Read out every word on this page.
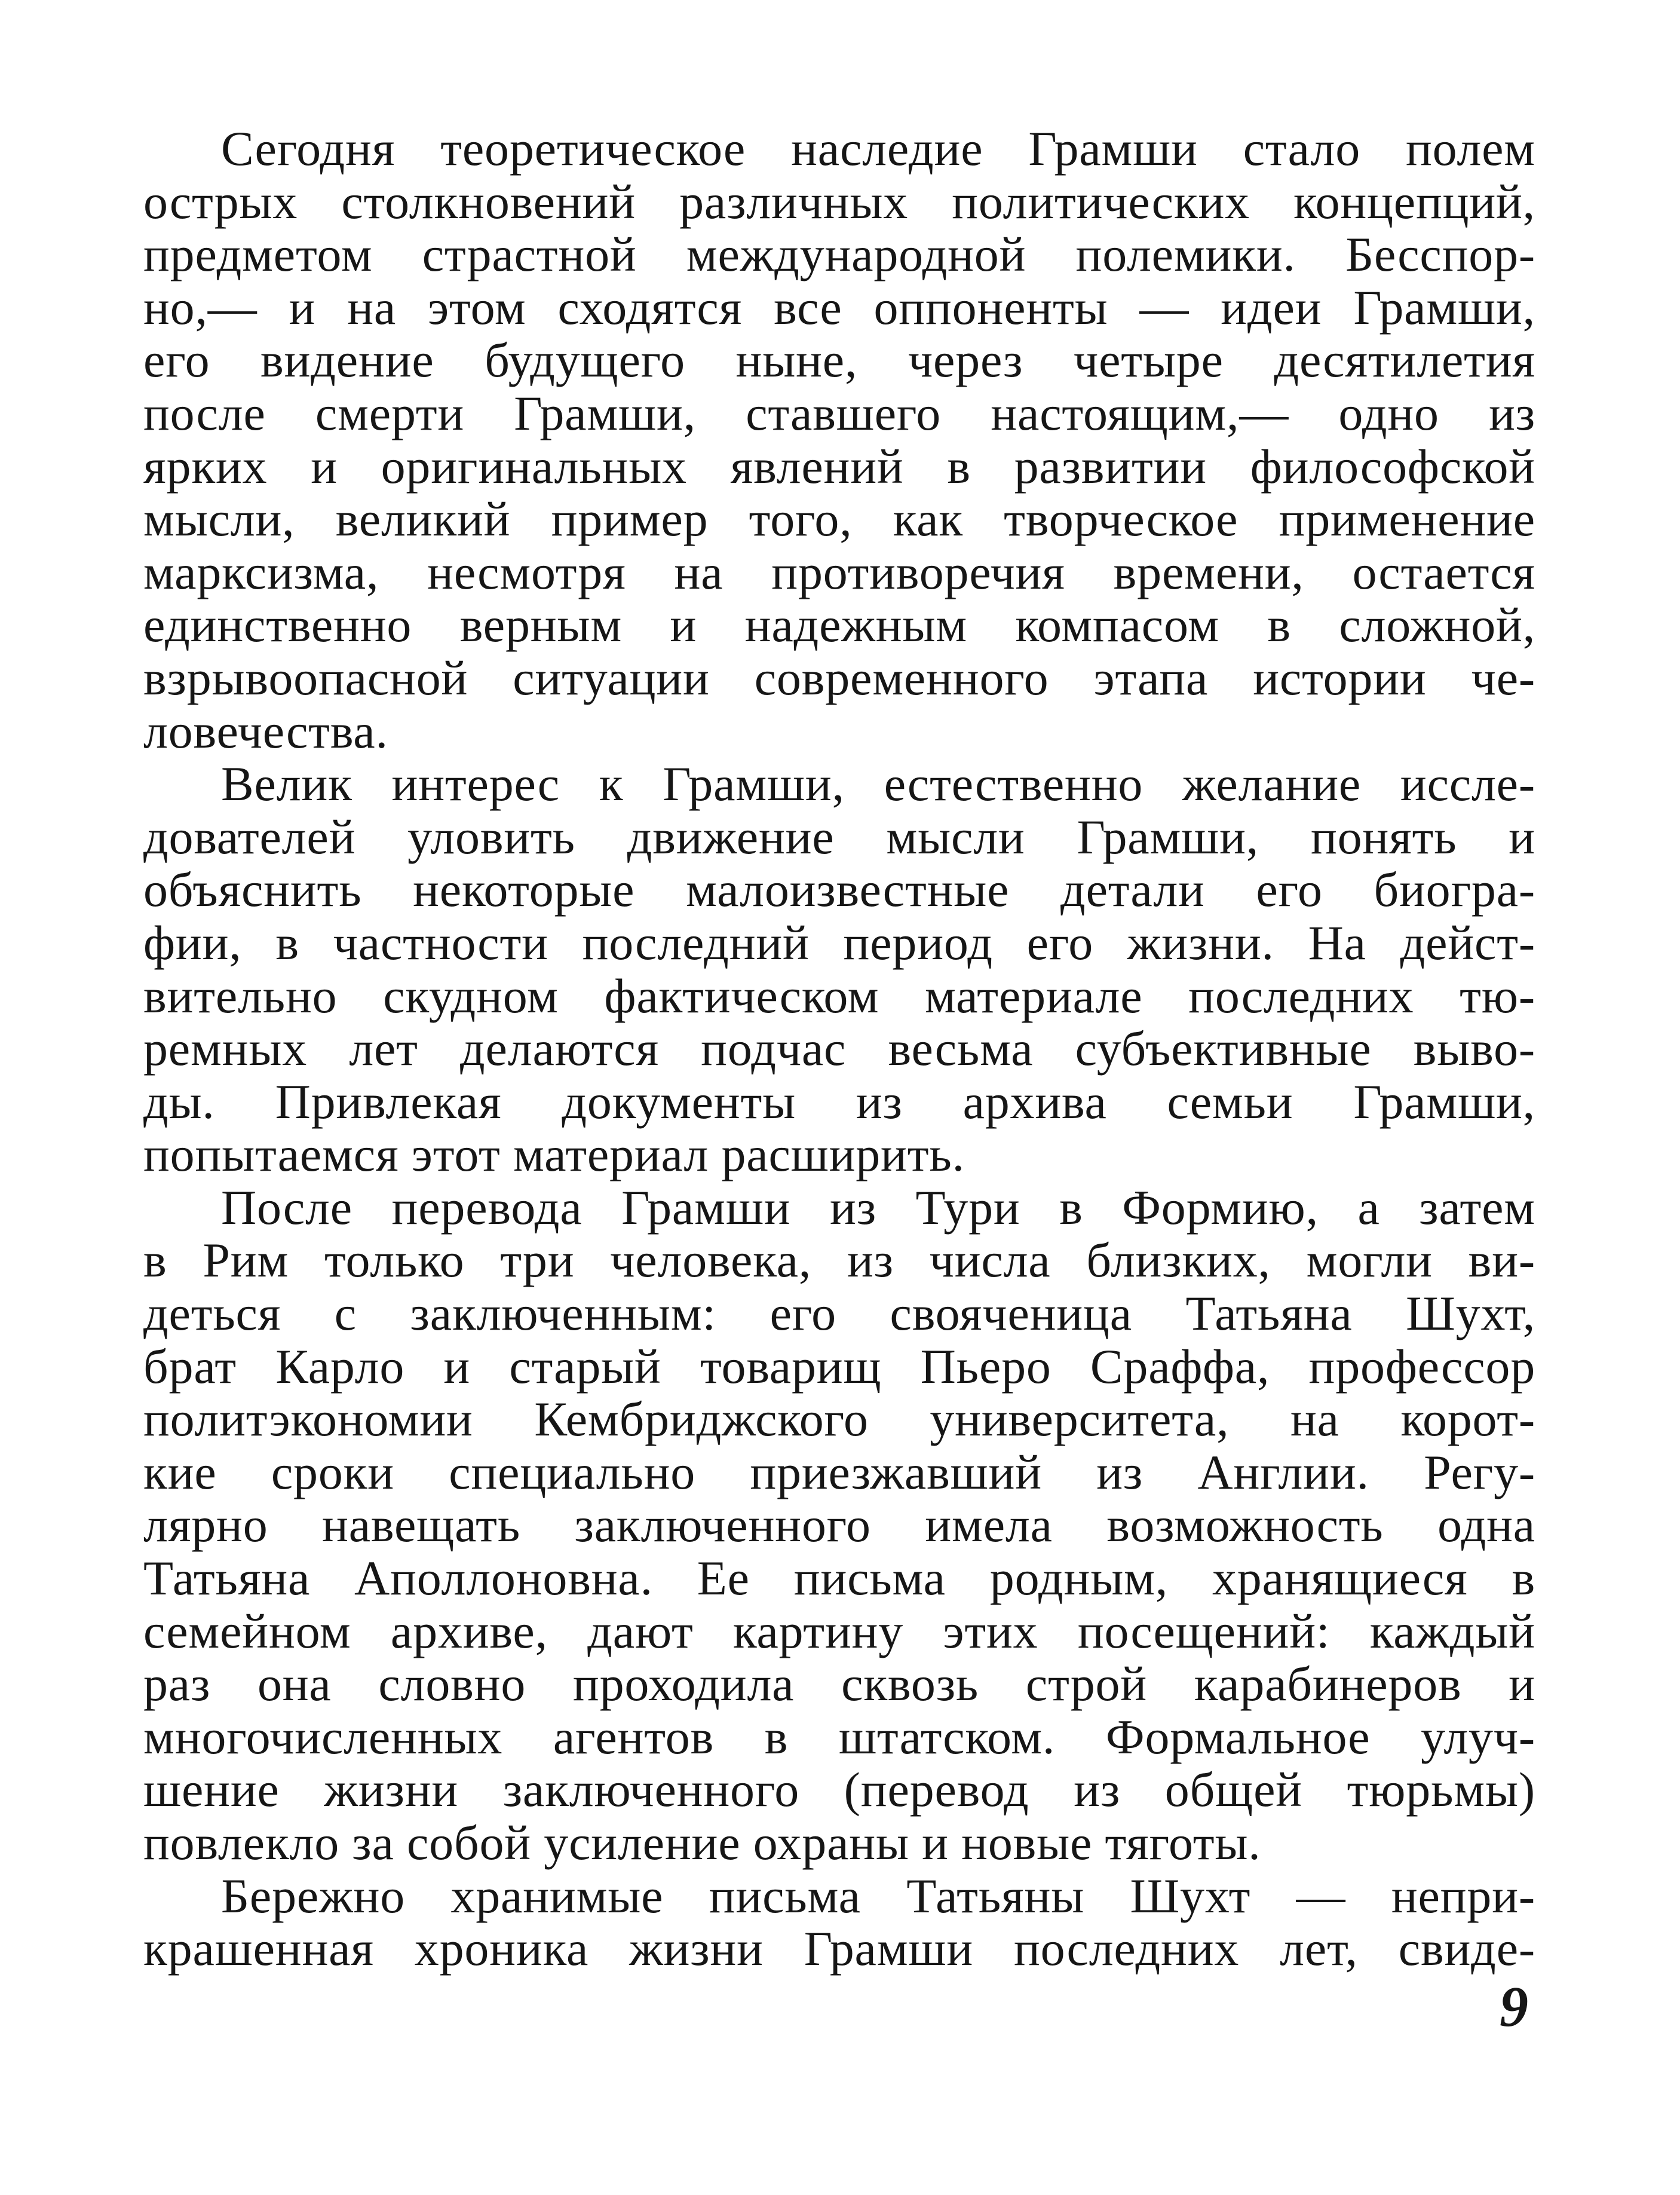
Сегодня теоретическое наследие Грамши стало полем
острых столкновений различных политических концепций,
предметом страстной международной полемики. Бесспор-
но,— и на этом сходятся все оппоненты — идеи Грамши,
его видение будущего ныне, через четыре десятилетия
после смерти Грамши, ставшего настоящим,— одно из
ярких и оригинальных явлений в развитии философской
мысли, великий пример того, как творческое применение
марксизма, несмотря на противоречия времени, остается
единственно верным и надежным компасом в сложной,
взрывоопасной ситуации современного этапа истории че-
ловечества.
Велик интерес к Грамши, естественно желание иссле-
дователей уловить движение мысли Грамши, понять и
объяснить некоторые малоизвестные детали его биогра-
фии, в частности последний период его жизни. На дейст-
вительно скудном фактическом материале последних тю-
ремных лет делаются подчас весьма субъективные выво-
ды. Привлекая документы из архива семьи Грамши,
попытаемся этот материал расширить.
После перевода Грамши из Тури в Формию, а затем
в Рим только три человека, из числа близких, могли ви-
деться с заключенным: его свояченица Татьяна Шухт,
брат Карло и старый товарищ Пьеро Сраффа, профессор
политэкономии Кембриджского университета, на корот-
кие сроки специально приезжавший из Англии. Регу-
лярно навещать заключенного имела возможность одна
Татьяна Аполлоновна. Ее письма родным, хранящиеся в
семейном архиве, дают картину этих посещений: каждый
раз она словно проходила сквозь строй карабинеров и
многочисленных агентов в штатском. Формальное улуч-
шение жизни заключенного (перевод из общей тюрьмы)
повлекло за собой усиление охраны и новые тяготы.
Бережно хранимые письма Татьяны Шухт — непри-
крашенная хроника жизни Грамши последних лет, свиде-
9
